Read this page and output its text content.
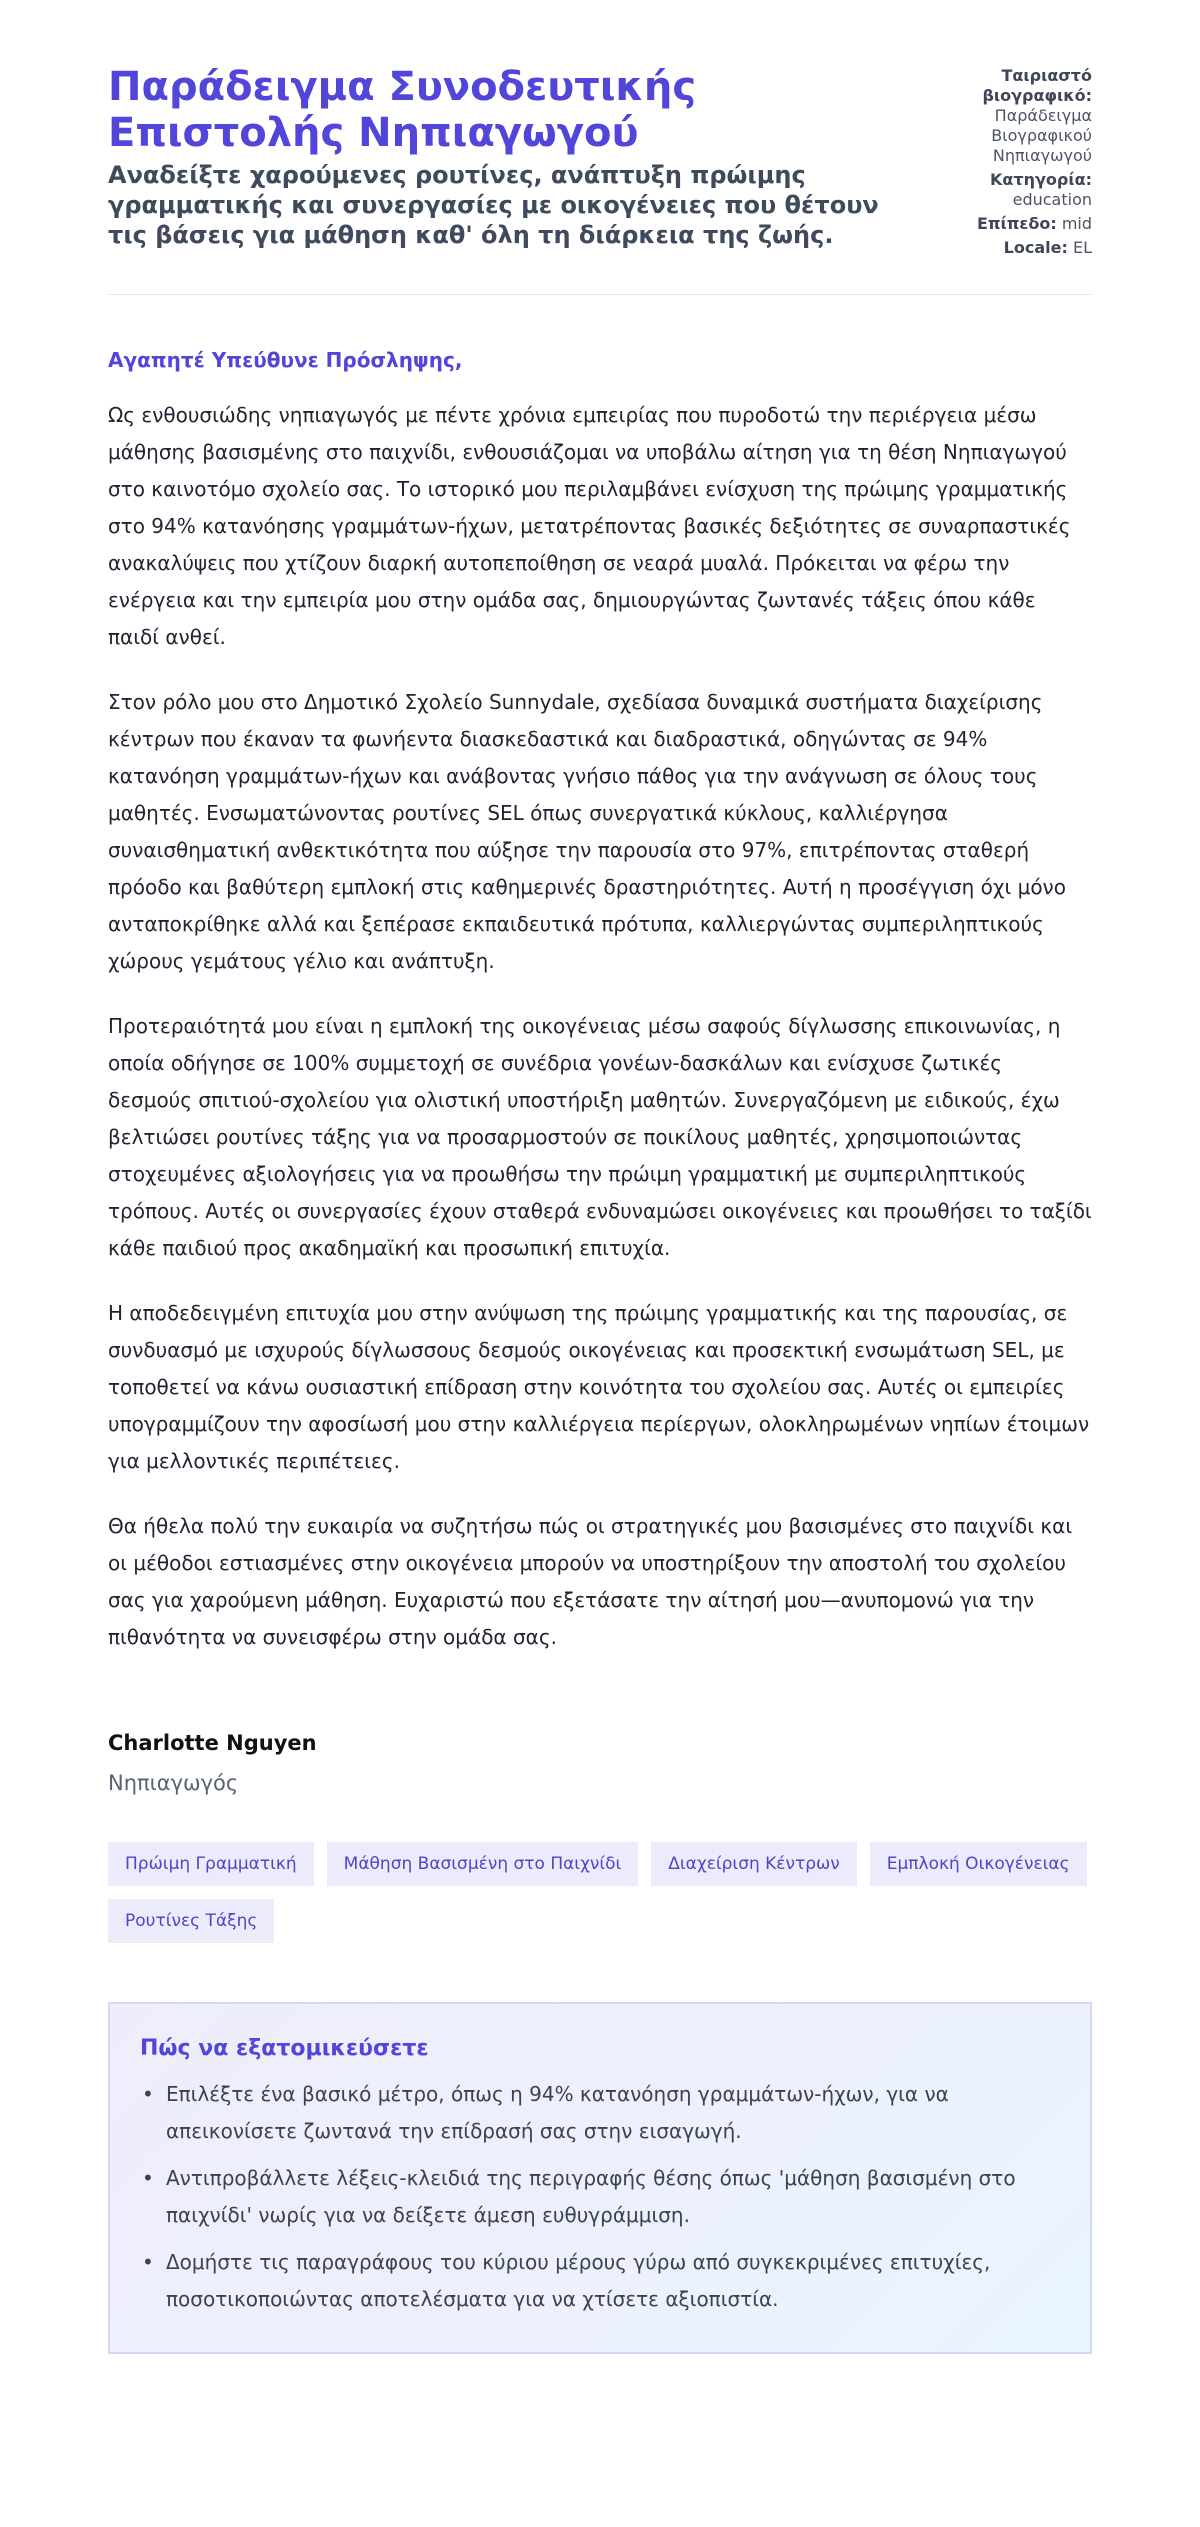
Παράδειγμα Συνοδευτικής Επιστολής Νηπιαγωγού
Αναδείξτε χαρούμενες ρουτίνες, ανάπτυξη πρώιμης γραμματικής και συνεργασίες με οικογένειες που θέτουν τις βάσεις για μάθηση καθ' όλη τη διάρκεια της ζωής.
Ταιριαστό βιογραφικό:
Παράδειγμα Βιογραφικού Νηπιαγωγού
Κατηγορία:
education
Επίπεδο: mid
Locale: EL

Αγαπητέ Υπεύθυνε Πρόσληψης,

Ως ενθουσιώδης νηπιαγωγός με πέντε χρόνια εμπειρίας που πυροδοτώ την περιέργεια μέσω μάθησης βασισμένης στο παιχνίδι, ενθουσιάζομαι να υποβάλω αίτηση για τη θέση Νηπιαγωγού στο καινοτόμο σχολείο σας. Το ιστορικό μου περιλαμβάνει ενίσχυση της πρώιμης γραμματικής στο 94% κατανόησης γραμμάτων-ήχων, μετατρέποντας βασικές δεξιότητες σε συναρπαστικές ανακαλύψεις που χτίζουν διαρκή αυτοπεποίθηση σε νεαρά μυαλά. Πρόκειται να φέρω την ενέργεια και την εμπειρία μου στην ομάδα σας, δημιουργώντας ζωντανές τάξεις όπου κάθε παιδί ανθεί.

Στον ρόλο μου στο Δημοτικό Σχολείο Sunnydale, σχεδίασα δυναμικά συστήματα διαχείρισης κέντρων που έκαναν τα φωνήεντα διασκεδαστικά και διαδραστικά, οδηγώντας σε 94% κατανόηση γραμμάτων-ήχων και ανάβοντας γνήσιο πάθος για την ανάγνωση σε όλους τους μαθητές. Ενσωματώνοντας ρουτίνες SEL όπως συνεργατικά κύκλους, καλλιέργησα συναισθηματική ανθεκτικότητα που αύξησε την παρουσία στο 97%, επιτρέποντας σταθερή πρόοδο και βαθύτερη εμπλοκή στις καθημερινές δραστηριότητες. Αυτή η προσέγγιση όχι μόνο ανταποκρίθηκε αλλά και ξεπέρασε εκπαιδευτικά πρότυπα, καλλιεργώντας συμπεριληπτικούς χώρους γεμάτους γέλιο και ανάπτυξη.

Προτεραιότητά μου είναι η εμπλοκή της οικογένειας μέσω σαφούς δίγλωσσης επικοινωνίας, η οποία οδήγησε σε 100% συμμετοχή σε συνέδρια γονέων-δασκάλων και ενίσχυσε ζωτικές δεσμούς σπιτιού-σχολείου για ολιστική υποστήριξη μαθητών. Συνεργαζόμενη με ειδικούς, έχω βελτιώσει ρουτίνες τάξης για να προσαρμοστούν σε ποικίλους μαθητές, χρησιμοποιώντας στοχευμένες αξιολογήσεις για να προωθήσω την πρώιμη γραμματική με συμπεριληπτικούς τρόπους. Αυτές οι συνεργασίες έχουν σταθερά ενδυναμώσει οικογένειες και προωθήσει το ταξίδι κάθε παιδιού προς ακαδημαϊκή και προσωπική επιτυχία.

Η αποδεδειγμένη επιτυχία μου στην ανύψωση της πρώιμης γραμματικής και της παρουσίας, σε συνδυασμό με ισχυρούς δίγλωσσους δεσμούς οικογένειας και προσεκτική ενσωμάτωση SEL, με τοποθετεί να κάνω ουσιαστική επίδραση στην κοινότητα του σχολείου σας. Αυτές οι εμπειρίες υπογραμμίζουν την αφοσίωσή μου στην καλλιέργεια περίεργων, ολοκληρωμένων νηπίων έτοιμων για μελλοντικές περιπέτειες.

Θα ήθελα πολύ την ευκαιρία να συζητήσω πώς οι στρατηγικές μου βασισμένες στο παιχνίδι και οι μέθοδοι εστιασμένες στην οικογένεια μπορούν να υποστηρίξουν την αποστολή του σχολείου σας για χαρούμενη μάθηση. Ευχαριστώ που εξετάσατε την αίτησή μου—ανυπομονώ για την πιθανότητα να συνεισφέρω στην ομάδα σας.

Charlotte Nguyen

Νηπιαγωγός

Πρώιμη Γραμματική	Μάθηση Βασισμένη στο Παιχνίδι	Διαχείριση Κέντρων	Εμπλοκή Οικογένειας
Ρουτίνες Τάξης
Πώς να εξατομικεύσετε
• Επιλέξτε ένα βασικό μέτρο, όπως η 94% κατανόηση γραμμάτων-ήχων, για να απεικονίσετε ζωντανά την επίδρασή σας στην εισαγωγή.
• Αντιπροβάλλετε λέξεις-κλειδιά της περιγραφής θέσης όπως 'μάθηση βασισμένη στο παιχνίδι' νωρίς για να δείξετε άμεση ευθυγράμμιση.
• Δομήστε τις παραγράφους του κύριου μέρους γύρω από συγκεκριμένες επιτυχίες, ποσοτικοποιώντας αποτελέσματα για να χτίσετε αξιοπιστία.
